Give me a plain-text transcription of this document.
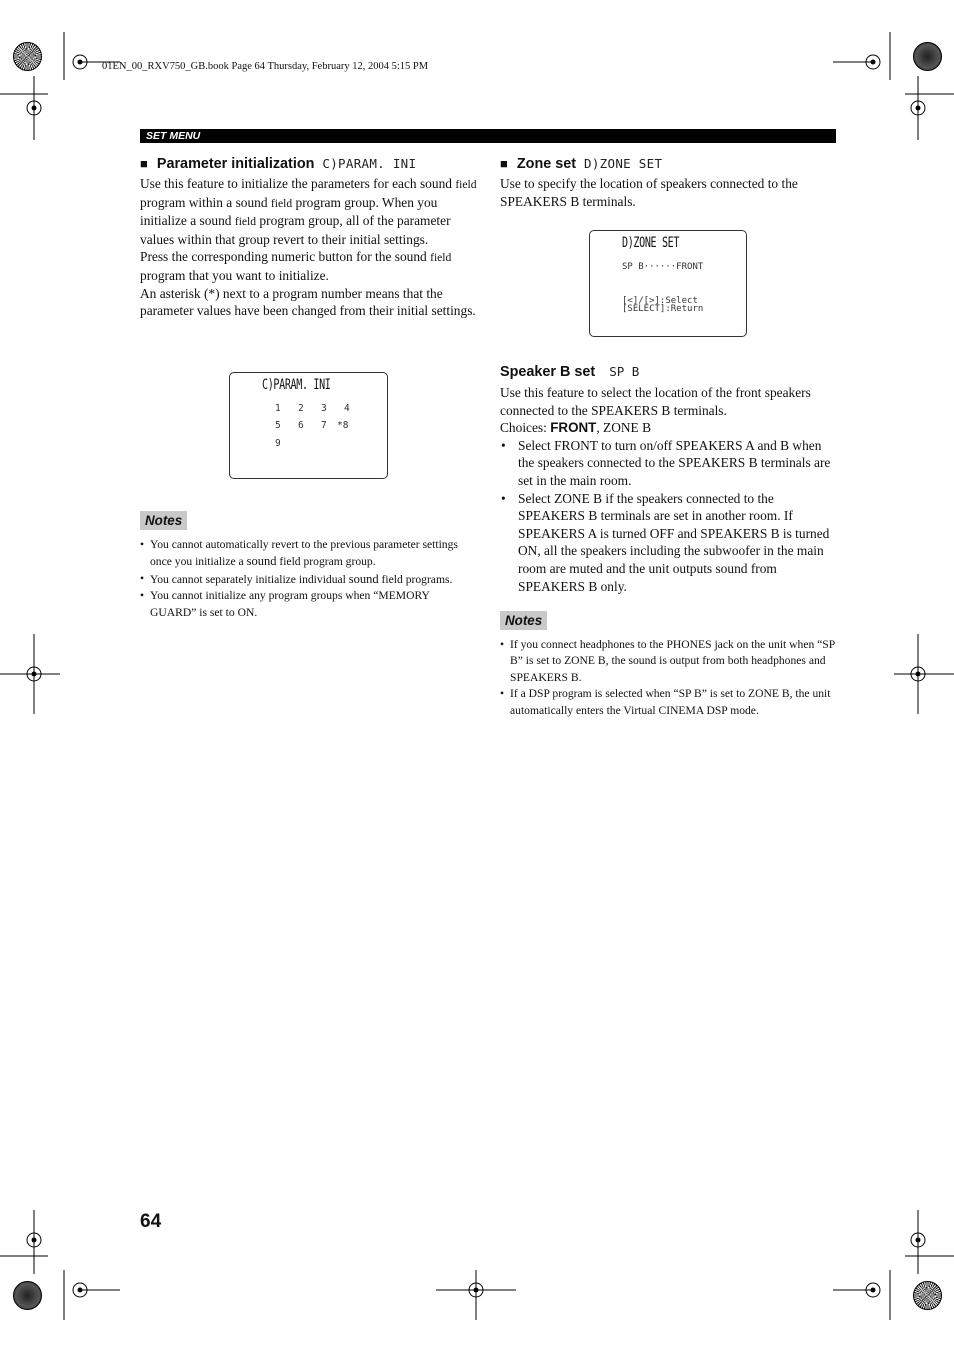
01EN_00_RXV750_GB.book Page 64 Thursday, February 12, 2004 5:15 PM
SET MENU
■ Parameter initialization C)PARAM. INI

Use this feature to initialize the parameters for each sound field program within a sound field program group. When you initialize a sound field program group, all of the parameter values within that group revert to their initial settings.

Press the corresponding numeric button for the sound field program that you want to initialize.

An asterisk (*) next to a program number means that the parameter values have been changed from their initial settings.

C)PARAM. INI
1 2 3 4
5 6 7 *8
9
Notes
• You cannot automatically revert to the previous parameter settings once you initialize a sound field program group.
• You cannot separately initialize individual sound field programs.
• You cannot initialize any program groups when “MEMORY GUARD” is set to ON.
■ Zone set D)ZONE SET

Use to specify the location of speakers connected to the SPEAKERS B terminals.

D)ZONE SET
SP B······FRONT
[<]/[>]:Select
[SELECT]:Return
Speaker B set SP B

Use this feature to select the location of the front speakers connected to the SPEAKERS B terminals.

Choices: FRONT, ZONE B

• Select FRONT to turn on/off SPEAKERS A and B when the speakers connected to the SPEAKERS B terminals are set in the main room.
• Select ZONE B if the speakers connected to the SPEAKERS B terminals are set in another room. If SPEAKERS A is turned OFF and SPEAKERS B is turned ON, all the speakers including the subwoofer in the main room are muted and the unit outputs sound from SPEAKERS B only.
Notes
• If you connect headphones to the PHONES jack on the unit when “SP B” is set to ZONE B, the sound is output from both headphones and SPEAKERS B.
• If a DSP program is selected when “SP B” is set to ZONE B, the unit automatically enters the Virtual CINEMA DSP mode.
64
